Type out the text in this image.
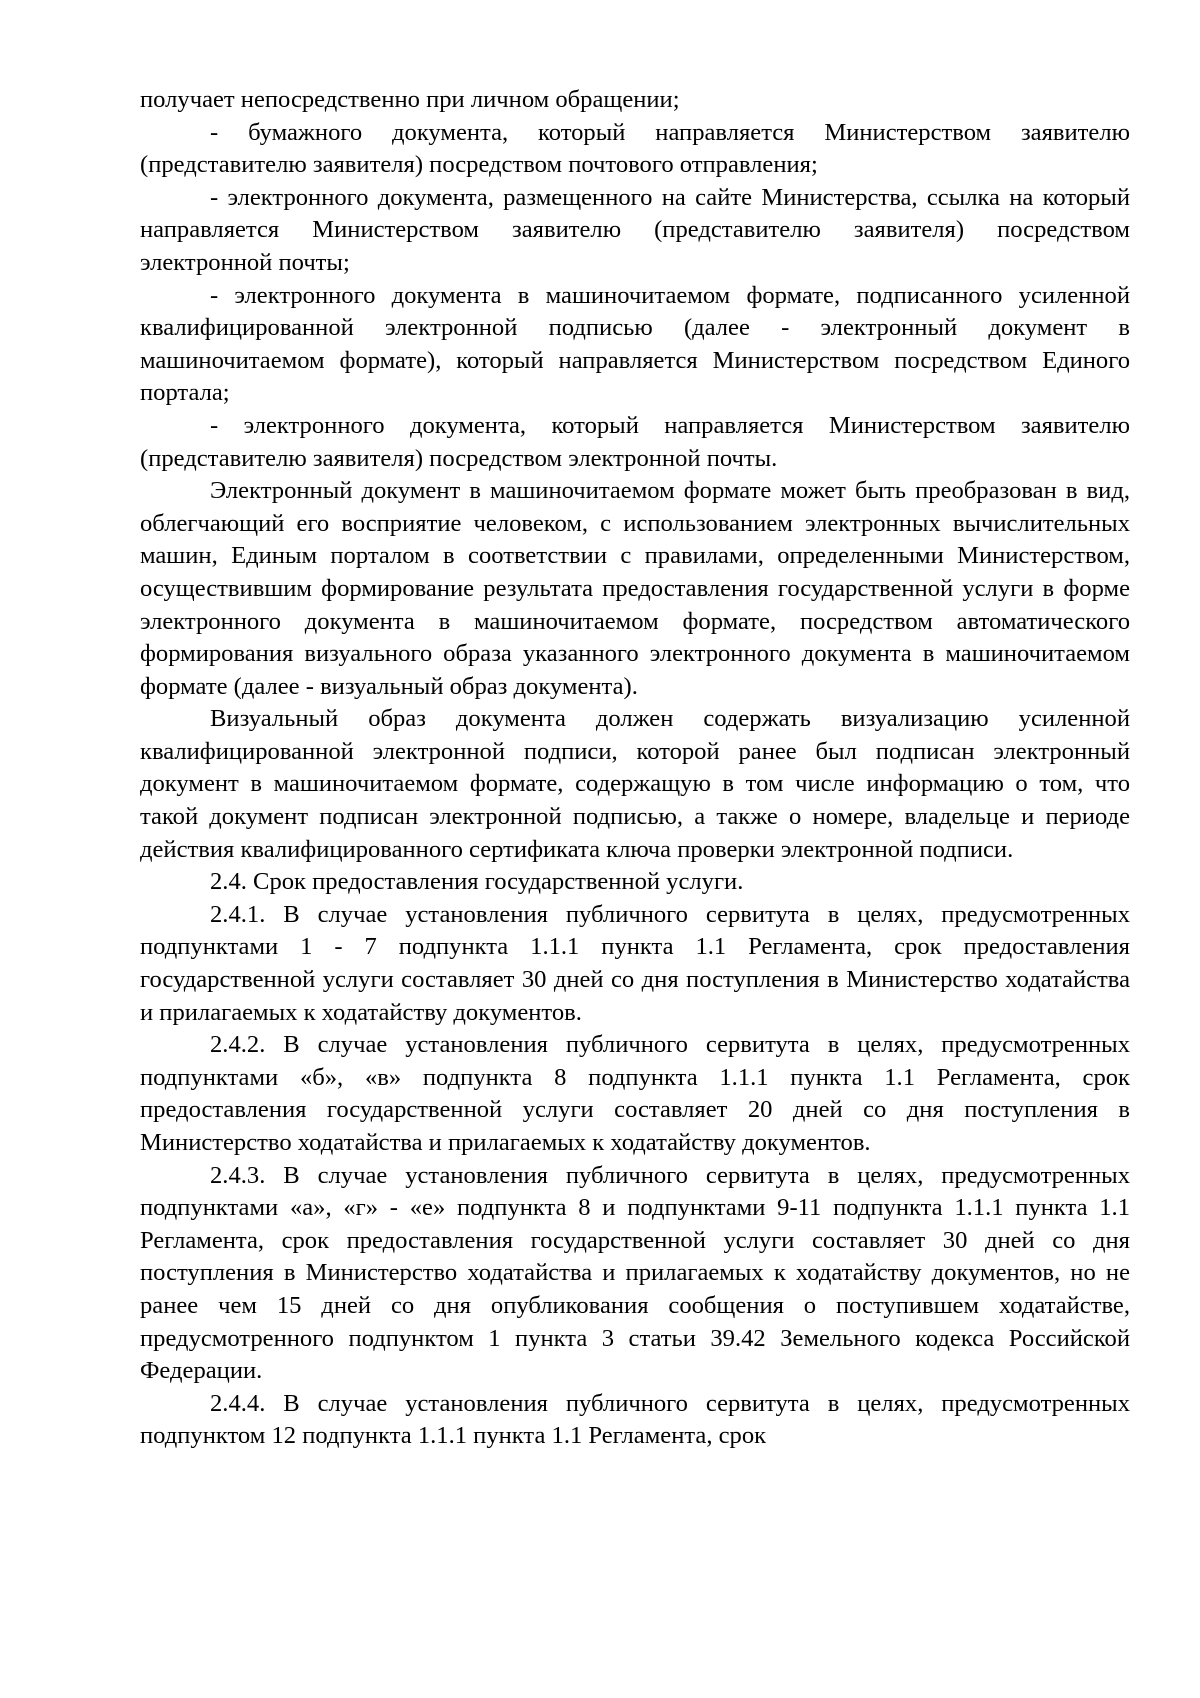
получает непосредственно при личном обращении;

- бумажного документа, который направляется Министерством заявителю (представителю заявителя) посредством почтового отправления;

- электронного документа, размещенного на сайте Министерства, ссылка на который направляется Министерством заявителю (представителю заявителя) посредством электронной почты;

- электронного документа в машиночитаемом формате, подписанного усиленной квалифицированной электронной подписью (далее - электронный документ в машиночитаемом формате), который направляется Министерством посредством Единого портала;

- электронного документа, который направляется Министерством заявителю (представителю заявителя) посредством электронной почты.

Электронный документ в машиночитаемом формате может быть преобразован в вид, облегчающий его восприятие человеком, с использованием электронных вычислительных машин, Единым порталом в соответствии с правилами, определенными Министерством, осуществившим формирование результата предоставления государственной услуги в форме электронного документа в машиночитаемом формате, посредством автоматического формирования визуального образа указанного электронного документа в машиночитаемом формате (далее - визуальный образ документа).

Визуальный образ документа должен содержать визуализацию усиленной квалифицированной электронной подписи, которой ранее был подписан электронный документ в машиночитаемом формате, содержащую в том числе информацию о том, что такой документ подписан электронной подписью, а также о номере, владельце и периоде действия квалифицированного сертификата ключа проверки электронной подписи.

2.4. Срок предоставления государственной услуги.

2.4.1. В случае установления публичного сервитута в целях, предусмотренных подпунктами 1 - 7 подпункта 1.1.1 пункта 1.1 Регламента, срок предоставления государственной услуги составляет 30 дней со дня поступления в Министерство ходатайства и прилагаемых к ходатайству документов.

2.4.2. В случае установления публичного сервитута в целях, предусмотренных подпунктами «б», «в» подпункта 8 подпункта 1.1.1 пункта 1.1 Регламента, срок предоставления государственной услуги составляет 20 дней со дня поступления в Министерство ходатайства и прилагаемых к ходатайству документов.

2.4.3. В случае установления публичного сервитута в целях, предусмотренных подпунктами «а», «г» - «е» подпункта 8 и подпунктами 9-11 подпункта 1.1.1 пункта 1.1 Регламента, срок предоставления государственной услуги составляет 30 дней со дня поступления в Министерство ходатайства и прилагаемых к ходатайству документов, но не ранее чем 15 дней со дня опубликования сообщения о поступившем ходатайстве, предусмотренного подпунктом 1 пункта 3 статьи 39.42 Земельного кодекса Российской Федерации.

2.4.4. В случае установления публичного сервитута в целях, предусмотренных подпунктом 12 подпункта 1.1.1 пункта 1.1 Регламента, срок
